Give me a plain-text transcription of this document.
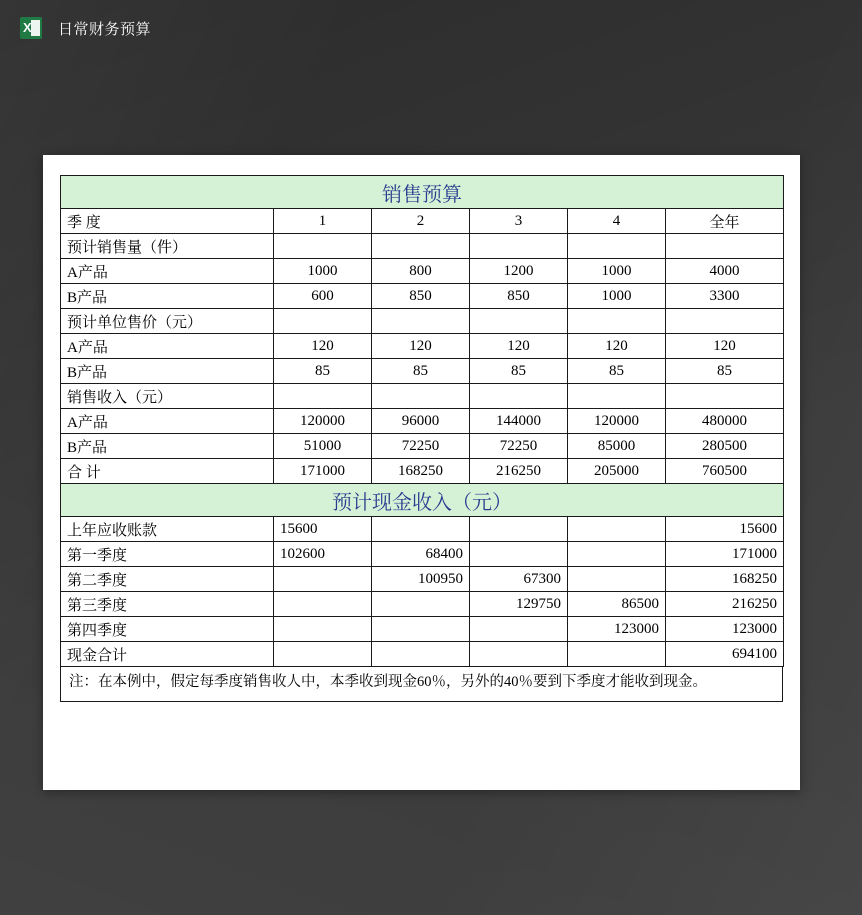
X 日常财务预算
销售预算					
季 度	1	2	3	4	全年
预计销售量（件）					
A产品	1000	800	1200	1000	4000
B产品	600	850	850	1000	3300
预计单位售价（元）					
A产品	120	120	120	120	120
B产品	85	85	85	85	85
销售收入（元）					
A产品	120000	96000	144000	120000	480000
B产品	51000	72250	72250	85000	280500
合 计	171000	168250	216250	205000	760500
预计现金收入（元）					
上年应收账款	15600				15600
第一季度	102600	68400			171000
第二季度		100950	67300		168250
第三季度			129750	86500	216250
第四季度				123000	123000
现金合计					694100
注：在本例中，假定每季度销售收人中，本季收到现金60％，另外的40％要到下季度才能收到现金。
